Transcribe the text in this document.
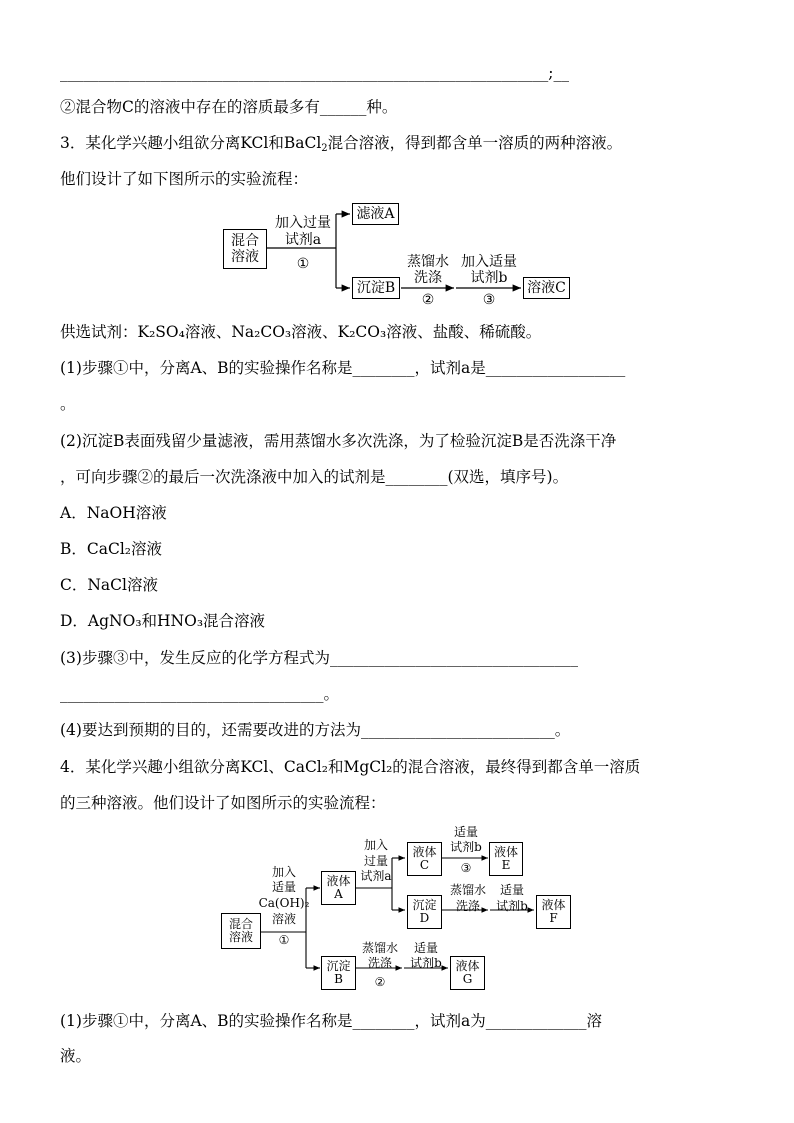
_______________________________________________________________;__
②混合物C的溶液中存在的溶质最多有______种。
3．某化学兴趣小组欲分离KCl和BaCl$_2$混合溶液，得到都含单一溶质的两种溶液。
他们设计了如下图所示的实验流程：
混合
溶液
加入过量
试剂a
①
滤液A
沉淀B
蒸馏水
洗涤
②
加入适量
试剂b
③
溶液C
供选试剂：K₂SO₄溶液、Na₂CO₃溶液、K₂CO₃溶液、盐酸、稀硫酸。
(1)步骤①中，分离A、B的实验操作名称是________，试剂a是__________________
。
(2)沉淀B表面残留少量滤液，需用蒸馏水多次洗涤，为了检验沉淀B是否洗涤干净
，可向步骤②的最后一次洗涤液中加入的试剂是________(双选，填序号)。
A．NaOH溶液
B．CaCl₂溶液
C．NaCl溶液
D．AgNO₃和HNO₃混合溶液
(3)步骤③中，发生反应的化学方程式为________________________________
__________________________________。
(4)要达到预期的目的，还需要改进的方法为_________________________。
4．某化学兴趣小组欲分离KCl、CaCl₂和MgCl₂的混合溶液，最终得到都含单一溶质
的三种溶液。他们设计了如图所示的实验流程：
混合
溶液
加入
适量
Ca(OH)₂
溶液
①
液体
A
沉淀
B
加入
过量
试剂a
液体
C
沉淀
D
适量
试剂b
③
液体
E
蒸馏水
洗涤
适量
试剂b	液体
F
蒸馏水
洗涤
②
适量
试剂b	液体
G
(1)步骤①中，分离A、B的实验操作名称是________，试剂a为_____________溶
液。
